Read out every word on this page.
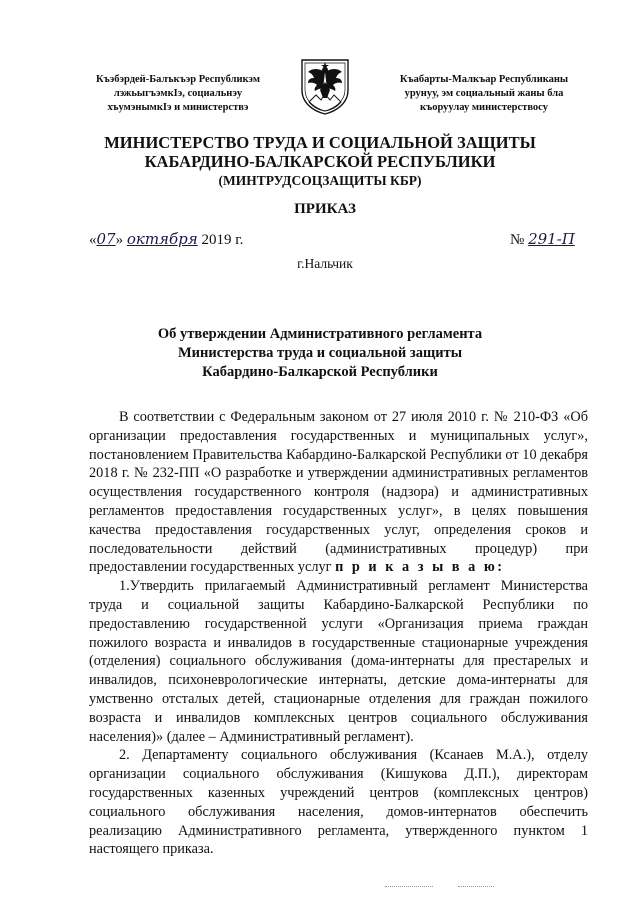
Къэбэрдей-Балъкъэр Республикэм
лэжьыгъэмкIэ, социальнэу
хъумэнымкIэ и министерствэ
Къабарты-Малкъар Республиканы
урунуу, эм социальный жаны бла
къоруулау министерствосу
МИНИСТЕРСТВО ТРУДА И СОЦИАЛЬНОЙ ЗАЩИТЫ
КАБАРДИНО-БАЛКАРСКОЙ РЕСПУБЛИКИ
(МИНТРУДСОЦЗАЩИТЫ КБР)
ПРИКАЗ
«07» октября 2019 г.	№ 291-П
г.Нальчик
Об утверждении Административного регламента
Министерства труда и социальной защиты
Кабардино-Балкарской Республики

В соответствии с Федеральным законом от 27 июля 2010 г. № 210-ФЗ «Об организации предоставления государственных и муниципальных услуг», постановлением Правительства Кабардино-Балкарской Республики от 10 декабря 2018 г. № 232-ПП «О разработке и утверждении административных регламентов осуществления государственного контроля (надзора) и административных регламентов предоставления государственных услуг», в целях повышения качества предоставления государственных услуг, определения сроков и последовательности действий (административных процедур) при предоставлении государственных услуг п р и к а з ы в а ю:

1.Утвердить прилагаемый Административный регламент Министерства труда и социальной защиты Кабардино-Балкарской Республики по предоставлению государственной услуги «Организация приема граждан пожилого возраста и инвалидов в государственные стационарные учреждения (отделения) социального обслуживания (дома-интернаты для престарелых и инвалидов, психоневрологические интернаты, детские дома-интернаты для умственно отсталых детей, стационарные отделения для граждан пожилого возраста и инвалидов комплексных центров социального обслуживания населения)» (далее – Административный регламент).

2. Департаменту социального обслуживания (Ксанаев М.А.), отделу организации социального обслуживания (Кишукова Д.П.), директорам государственных казенных учреждений центров (комплексных центров) социального обслуживания населения, домов-интернатов обеспечить реализацию Административного регламента, утвержденного пунктом 1 настоящего приказа.
